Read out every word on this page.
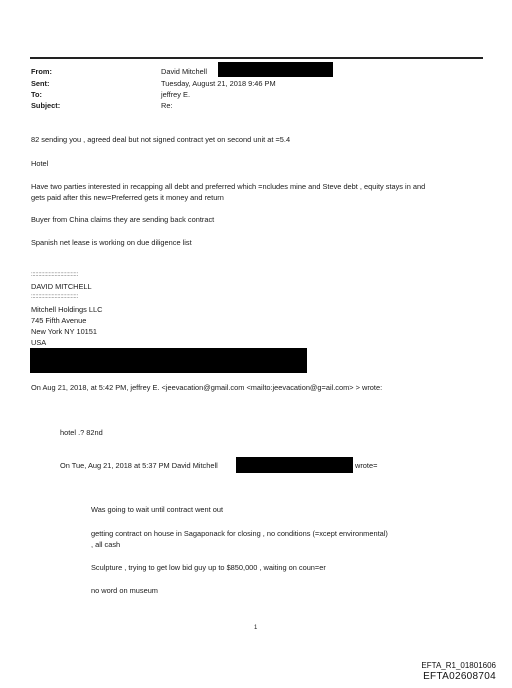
From:	David Mitchell
Sent:	Tuesday, August 21, 2018 9:46 PM
To:	jeffrey E.
Subject:	Re:
82 sending you , agreed deal but not signed contract yet on second unit at =5.4
Hotel
Have two parties interested in recapping all debt and preferred which =ncludes mine and Steve debt , equity stays in and
gets paid after this new=Preferred gets it money and return
Buyer from China claims they are sending back contract
Spanish net lease is working on due diligence list
::::::::::::::::::::::::::::::::
DAVID MITCHELL
::::::::::::::::::::::::::::::::
Mitchell Holdings LLC
745 Fifth Avenue
New York NY 10151
USA
On Aug 21, 2018, at 5:42 PM, jeffrey E. <jeevacation@gmail.com <mailto:jeevacation@g=ail.com> > wrote:
hotel .? 82nd
On Tue, Aug 21, 2018 at 5:37 PM David Mitchell	wrote=
Was going to wait until contract went out
getting contract on house in Sagaponack for closing , no conditions (=xcept environmental)
, all cash
Sculpture , trying to get low bid guy up to $850,000 , waiting on coun=er
no word on museum
1
EFTA_R1_01801606
EFTA02608704
